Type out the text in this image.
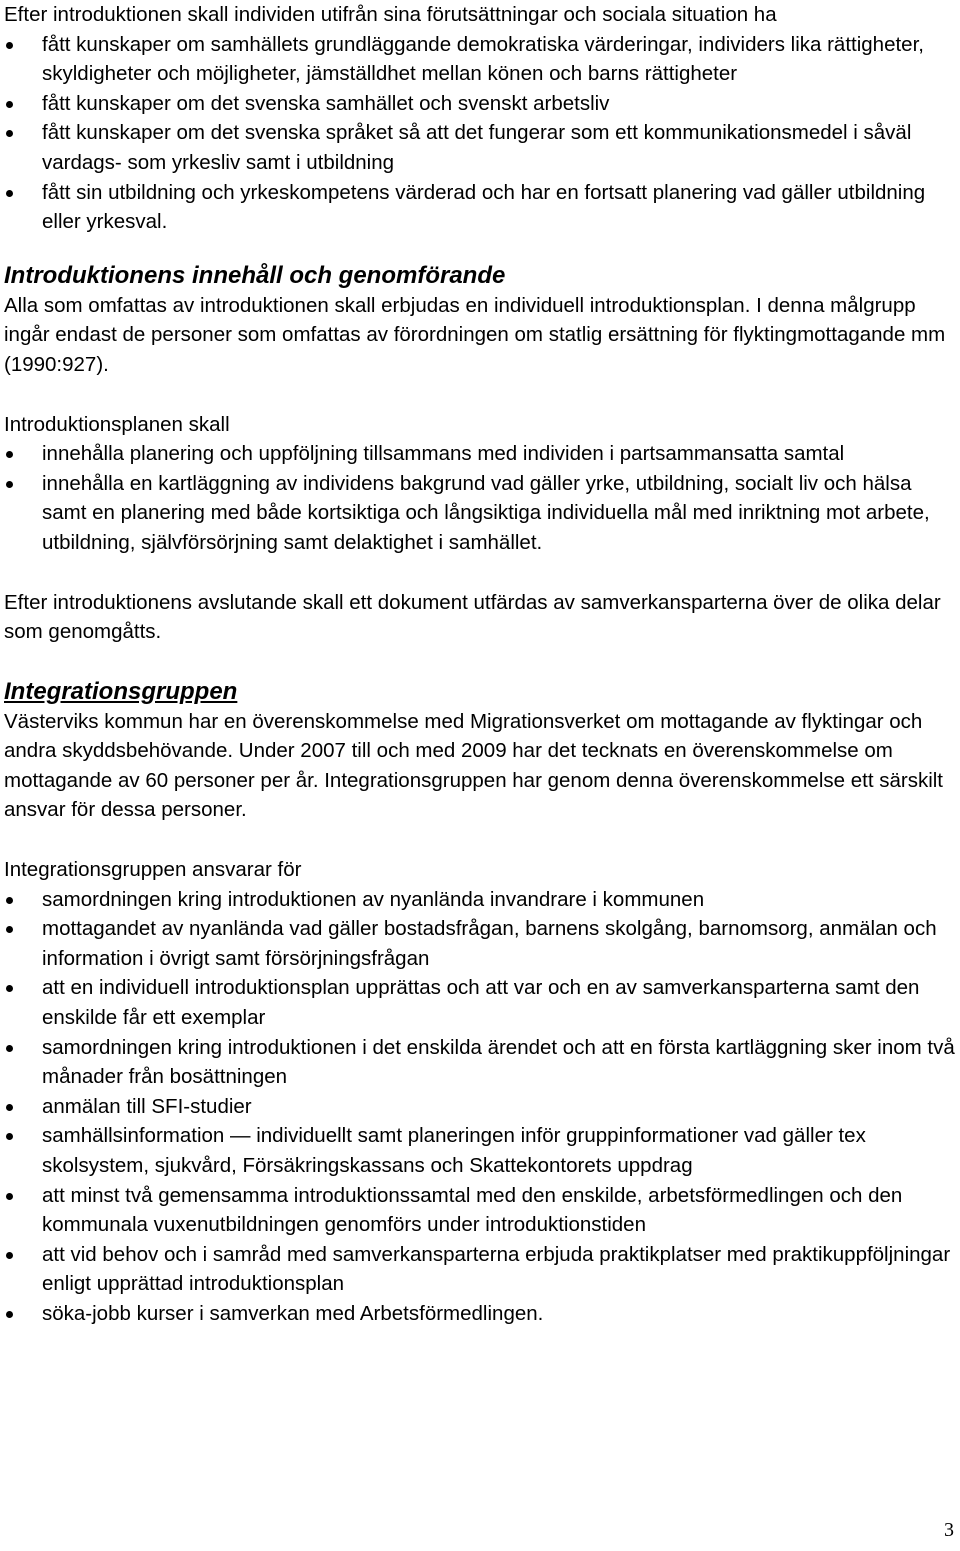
Efter introduktionen skall individen utifrån sina förutsättningar och sociala situation ha

fått kunskaper om samhällets grundläggande demokratiska värderingar, individers lika rättigheter, skyldigheter och möjligheter, jämställdhet mellan könen och barns rättigheter
fått kunskaper om det svenska samhället och svenskt arbetsliv
fått kunskaper om det svenska språket så att det fungerar som ett kommunikationsmedel i såväl vardags- som yrkesliv samt i utbildning
fått sin utbildning och yrkeskompetens värderad och har en fortsatt planering vad gäller utbildning eller yrkesval.
Introduktionens innehåll och genomförande

Alla som omfattas av introduktionen skall erbjudas en individuell introduktionsplan. I denna målgrupp ingår endast de personer som omfattas av förordningen om statlig ersättning för flyktingmottagande mm (1990:927).

Introduktionsplanen skall

innehålla planering och uppföljning tillsammans med individen i partsammansatta samtal
innehålla en kartläggning av individens bakgrund vad gäller yrke, utbildning, socialt liv och hälsa samt en planering med både kortsiktiga och långsiktiga individuella mål med inriktning mot arbete, utbildning, självförsörjning samt delaktighet i samhället.

Efter introduktionens avslutande skall ett dokument utfärdas av samverkansparterna över de olika delar som genomgåtts.

Integrationsgruppen

Västerviks kommun har en överenskommelse med Migrationsverket om mottagande av flyktingar och andra skyddsbehövande. Under 2007 till och med 2009 har det tecknats en överenskommelse om mottagande av 60 personer per år. Integrationsgruppen har genom denna överenskommelse ett särskilt ansvar för dessa personer.

Integrationsgruppen ansvarar för

samordningen kring introduktionen av nyanlända invandrare i kommunen
mottagandet av nyanlända vad gäller bostadsfrågan, barnens skolgång, barnomsorg, anmälan och information i övrigt samt försörjningsfrågan
att en individuell introduktionsplan upprättas och att var och en av samverkansparterna samt den enskilde får ett exemplar
samordningen kring introduktionen i det enskilda ärendet och att en första kartläggning sker inom två månader från bosättningen
anmälan till SFI-studier
samhällsinformation — individuellt samt planeringen inför gruppinformationer vad gäller tex skolsystem, sjukvård, Försäkringskassans och Skattekontorets uppdrag
att minst två gemensamma introduktionssamtal med den enskilde, arbetsförmedlingen och den kommunala vuxenutbildningen genomförs under introduktionstiden
att vid behov och i samråd med samverkansparterna erbjuda praktikplatser med praktikuppföljningar enligt upprättad introduktionsplan
söka-jobb kurser i samverkan med Arbetsförmedlingen.
3
